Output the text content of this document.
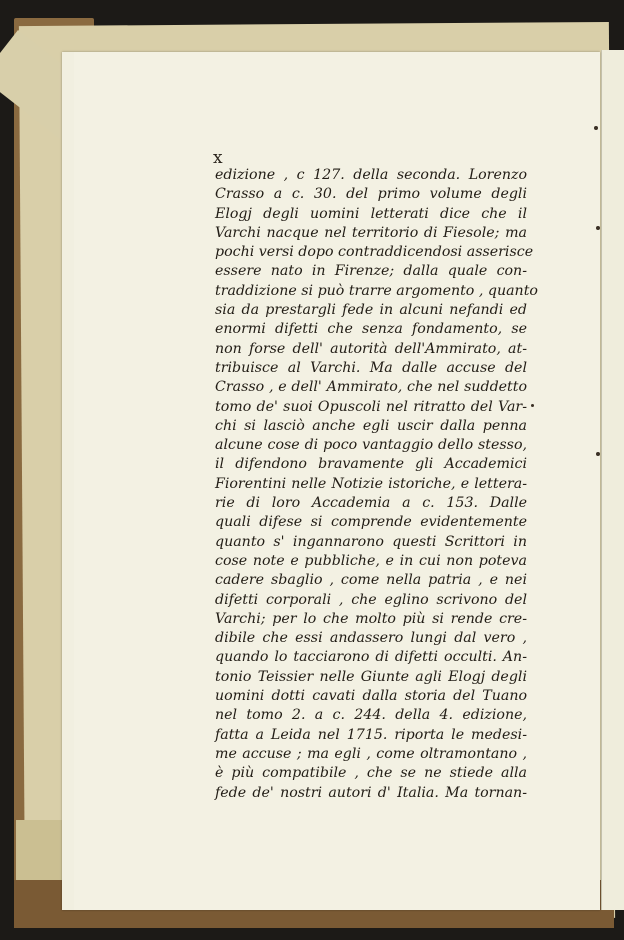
x
edizione , c 127. della seconda. Lorenzo
Crasso a c. 30. del primo volume degli
Elogj degli uomini letterati dice che il
Varchi nacque nel territorio di Fiesole; ma
pochi versi dopo contraddicendosi asserisce
essere nato in Firenze; dalla quale con-
traddizione si può trarre argomento , quanto
sia da prestargli fede in alcuni nefandi ed
enormi difetti che senza fondamento, se
non forse dell' autorità dell'Ammirato, at-
tribuisce al Varchi. Ma dalle accuse del
Crasso , e dell' Ammirato, che nel suddetto
tomo de' suoi Opuscoli nel ritratto del Var-
chi si lasciò anche egli uscir dalla penna
alcune cose di poco vantaggio dello stesso,
il difendono bravamente gli Accademici
Fiorentini nelle Notizie istoriche, e lettera-
rie di loro Accademia a c. 153. Dalle
quali difese si comprende evidentemente
quanto s' ingannarono questi Scrittori in
cose note e pubbliche, e in cui non poteva
cadere sbaglio , come nella patria , e nei
difetti corporali , che eglino scrivono del
Varchi; per lo che molto più si rende cre-
dibile che essi andassero lungi dal vero ,
quando lo tacciarono di difetti occulti. An-
tonio Teissier nelle Giunte agli Elogj degli
uomini dotti cavati dalla storia del Tuano
nel tomo 2. a c. 244. della 4. edizione,
fatta a Leida nel 1715. riporta le medesi-
me accuse ; ma egli , come oltramontano ,
è più compatibile , che se ne stiede alla
fede de' nostri autori d' Italia. Ma tornan-
